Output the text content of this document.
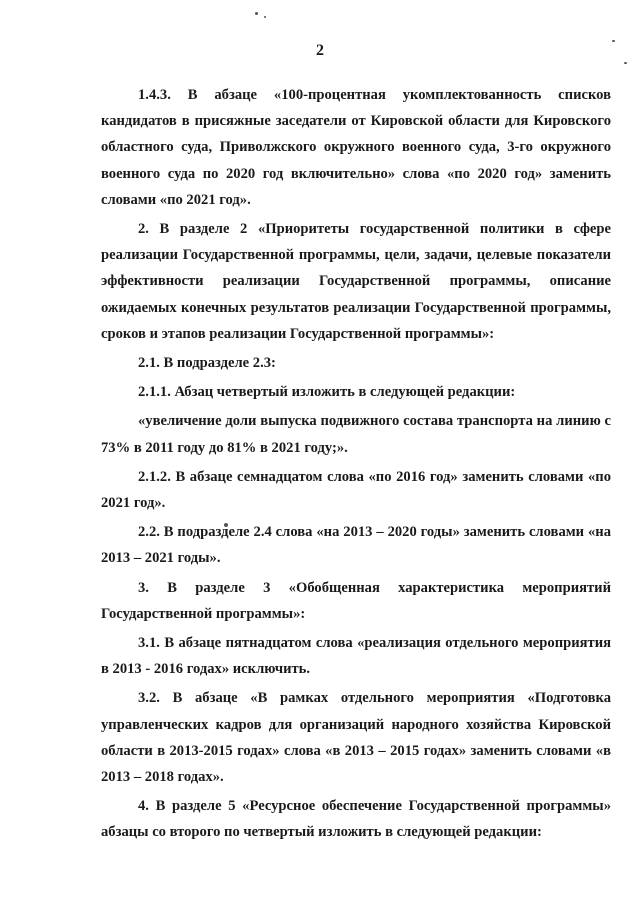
2

1.4.3. В абзаце «100-процентная укомплектованность списков кандидатов в присяжные заседатели от Кировской области для Кировского областного суда, Приволжского окружного военного суда, 3-го окружного военного суда по 2020 год включительно» слова «по 2020 год» заменить словами «по 2021 год».

2. В разделе 2 «Приоритеты государственной политики в сфере реализации Государственной программы, цели, задачи, целевые показатели эффективности реализации Государственной программы, описание ожидаемых конечных результатов реализации Государственной программы, сроков и этапов реализации Государственной программы»:

2.1. В подразделе 2.3:

2.1.1. Абзац четвертый изложить в следующей редакции:

«увеличение доли выпуска подвижного состава транспорта на линию с 73% в 2011 году до 81% в 2021 году;».

2.1.2. В абзаце семнадцатом слова «по 2016 год» заменить словами «по 2021 год».

2.2. В подразделе 2.4 слова «на 2013 – 2020 годы» заменить словами «на 2013 – 2021 годы».

3. В разделе 3 «Обобщенная характеристика мероприятий Государственной программы»:

3.1. В абзаце пятнадцатом слова «реализация отдельного мероприятия в 2013 - 2016 годах» исключить.

3.2. В абзаце «В рамках отдельного мероприятия «Подготовка управленческих кадров для организаций народного хозяйства Кировской области в 2013-2015 годах» слова «в 2013 – 2015 годах» заменить словами «в 2013 – 2018 годах».

4. В разделе 5 «Ресурсное обеспечение Государственной программы» абзацы со второго по четвертый изложить в следующей редакции:
